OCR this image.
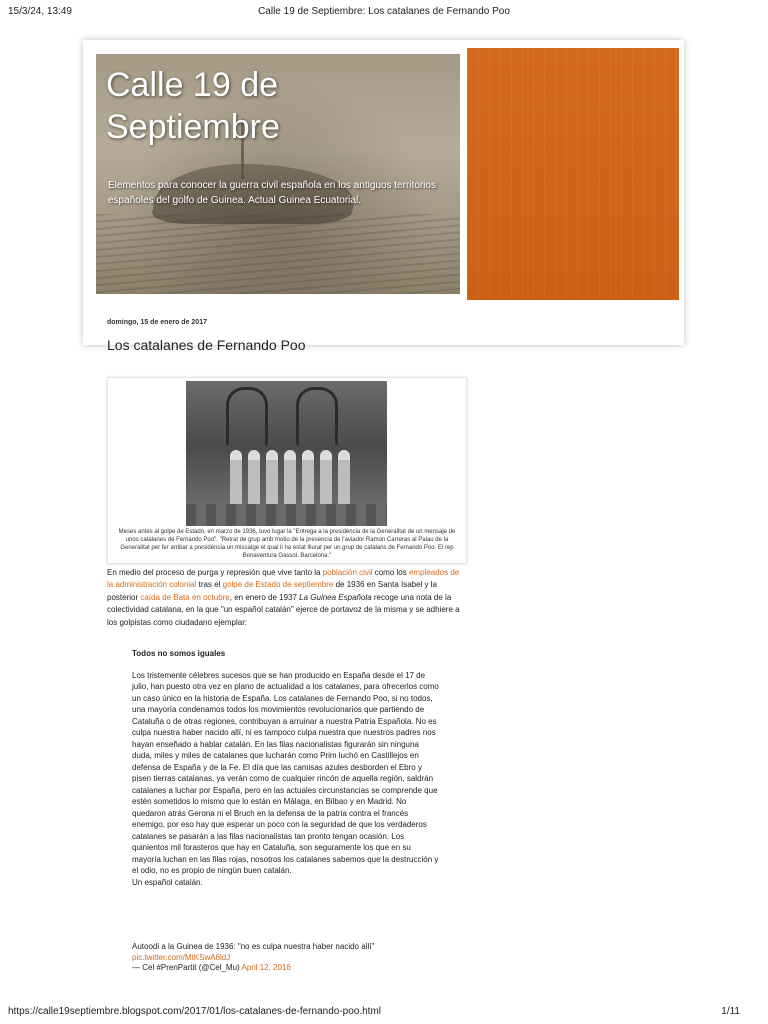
15/3/24, 13:49	Calle 19 de Septiembre: Los catalanes de Fernando Poo
Calle 19 de Septiembre
Elementos para conocer la guerra civil española en los antiguos territorios españoles del golfo de Guinea. Actual Guinea Ecuatorial.
domingo, 15 de enero de 2017
Los catalanes de Fernando Poo
Meses antes al golpe de Estado, en marzo de 1936, tuvo lugar la "Entrega a la presidència de la Generalitat de un mensaje de unos catalanes de Fernando Poo". "Retrat de grup amb motiu de la presencia de l'aviador Ramon Carreras al Palau de la Generalitat per fer arribar a presidència un missatge el qual li ha estat lliurat per un grup de catalans de Fernando Poo. El rep Bonaventura Gassol. Barcelona."
En medio del proceso de purga y represión que vive tanto la población civil como los empleados de la administración colonial tras el golpe de Estado de septiembre de 1936 en Santa Isabel y la posterior caída de Bata en octubre, en enero de 1937 La Guinea Española recoge una nota de la colectividad catalana, en la que "un español catalán" ejerce de portavoz de la misma y se adhiere a los golpistas como ciudadano ejemplar:
Todos no somos iguales

Los tristemente célebres sucesos que se han producido en España desde el 17 de julio, han puesto otra vez en plano de actualidad a los catalanes, para ofrecerlos como un caso único en la historia de España. Los catalanes de Fernando Poo, si no todos, una mayoría condenamos todos los movimientos revolucionarios que partiendo de Cataluña o de otras regiones, contribuyan a arruinar a nuestra Patria Española. No es culpa nuestra haber nacido allí, ni es tampoco culpa nuestra que nuestros padres nos hayan enseñado a hablar catalán. En las filas nacionalistas figurarán sin ninguna duda, miles y miles de catalanes que lucharán como Prim luchó en Castillejos en defensa de España y de la Fe. El día que las camisas azules desborden el Ebro y pisen tierras catalanas, ya verán como de cualquier rincón de aquella región, saldrán catalanes a luchar por España, pero en las actuales circunstancias se comprende que estén sometidos lo mismo que lo están en Málaga, en Bilbao y en Madrid. No quedaron atrás Gerona ni el Bruch en la defensa de la patria contra el francés enemigo, por eso hay que esperar un poco con la seguridad de que los verdaderos catalanes se pasarán a las filas nacionalistas tan pronto tengan ocasión. Los quinientos mil forasteros que hay en Cataluña, son seguramente los que en su mayoría luchan en las filas rojas, nosotros los catalanes sabemos que la destrucción y el odio, no es propio de ningún buen catalán.

Un español catalán.

Autoodi a la Guinea de 1936: "no es culpa nuestra haber nacido allí" pic.twitter.com/MtKSwA6ldJ

— Cel #PrenPartit (@Cel_Mu) April 12, 2016

https://calle19septiembre.blogspot.com/2017/01/los-catalanes-de-fernando-poo.html	1/11
